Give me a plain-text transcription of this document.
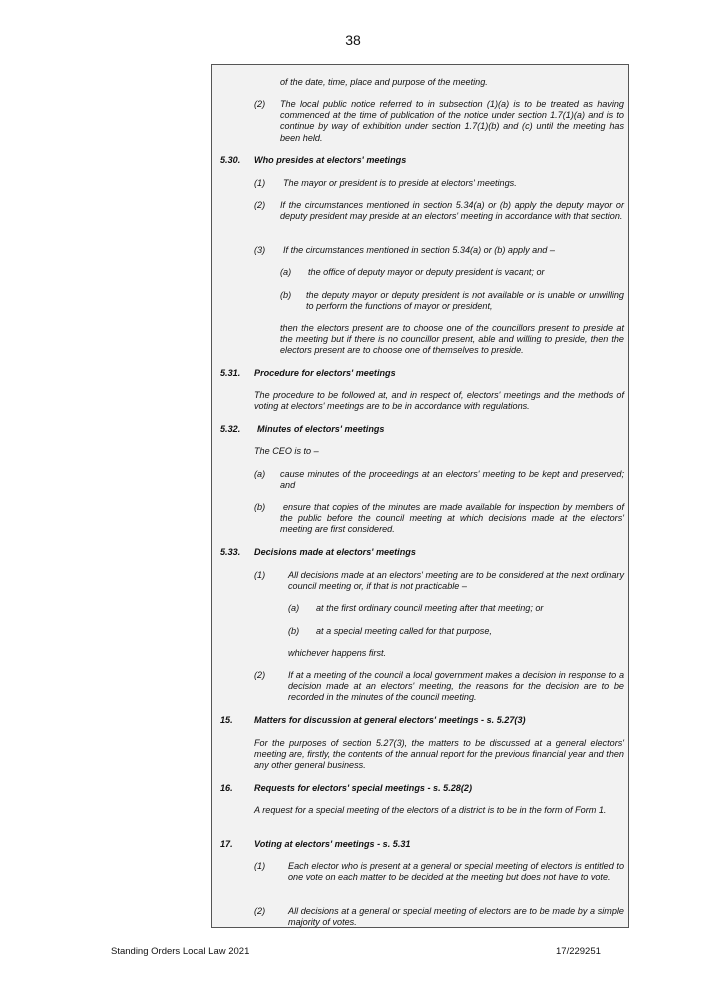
38
of the date, time, place and purpose of the meeting.
(2) The local public notice referred to in subsection (1)(a) is to be treated as having commenced at the time of publication of the notice under section 1.7(1)(a) and is to continue by way of exhibition under section 1.7(1)(b) and (c) until the meeting has been held.
5.30. Who presides at electors' meetings
(1) The mayor or president is to preside at electors' meetings.
(2) If the circumstances mentioned in section 5.34(a) or (b) apply the deputy mayor or deputy president may preside at an electors' meeting in accordance with that section.
(3) If the circumstances mentioned in section 5.34(a) or (b) apply and –
(a) the office of deputy mayor or deputy president is vacant; or
(b) the deputy mayor or deputy president is not available or is unable or unwilling to perform the functions of mayor or president,
then the electors present are to choose one of the councillors present to preside at the meeting but if there is no councillor present, able and willing to preside, then the electors present are to choose one of themselves to preside.
5.31. Procedure for electors' meetings
The procedure to be followed at, and in respect of, electors' meetings and the methods of voting at electors' meetings are to be in accordance with regulations.
5.32. Minutes of electors' meetings
The CEO is to –
(a) cause minutes of the proceedings at an electors' meeting to be kept and preserved; and
(b)	ensure that copies of the minutes are made available for inspection by members of the public before the council meeting at which decisions made at the electors' meeting are first considered.
5.33. Decisions made at electors' meetings
(1)	All decisions made at an electors' meeting are to be considered at the next ordinary council meeting or, if that is not practicable –
(a) at the first ordinary council meeting after that meeting; or
(b) at a special meeting called for that purpose,
whichever happens first.
(2)	If at a meeting of the council a local government makes a decision in response to a decision made at an electors' meeting, the reasons for the decision are to be recorded in the minutes of the council meeting.
15. Matters for discussion at general electors' meetings - s. 5.27(3)
For the purposes of section 5.27(3), the matters to be discussed at a general electors' meeting are, firstly, the contents of the annual report for the previous financial year and then any other general business.
16. Requests for electors' special meetings - s. 5.28(2)
A request for a special meeting of the electors of a district is to be in the form of Form 1.
17. Voting at electors' meetings - s. 5.31
(1)	Each elector who is present at a general or special meeting of electors is entitled to one vote on each matter to be decided at the meeting but does not have to vote.
(2)	All decisions at a general or special meeting of electors are to be made by a simple majority of votes.
Standing Orders Local Law 2021	17/229251
